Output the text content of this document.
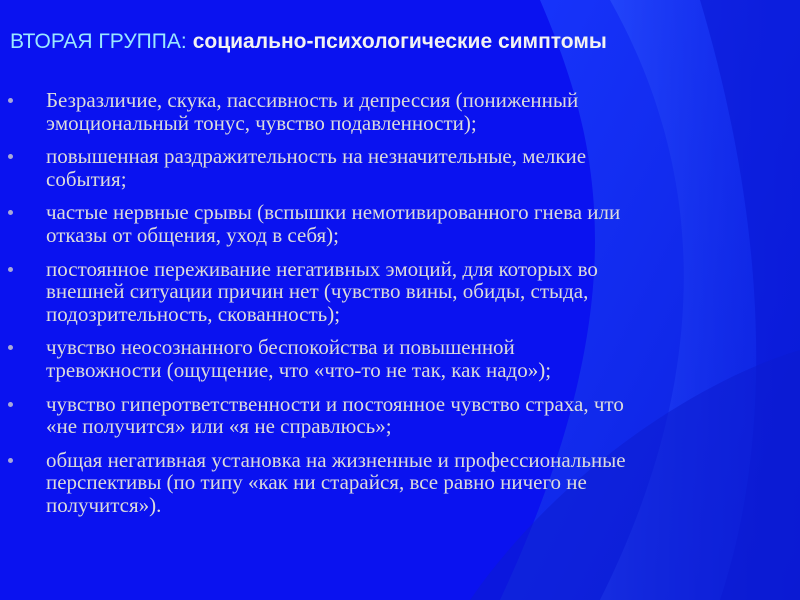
ВТОРАЯ ГРУППА: социально-психологические симптомы
Безразличие, скука, пассивность и депрессия (пониженный
эмоциональный тонус, чувство подавленности);
повышенная раздражительность на незначительные, мелкие
события;
частые нервные срывы (вспышки немотивированного гнева или
отказы от общения, уход в себя);
постоянное переживание негативных эмоций, для которых во
внешней ситуации причин нет (чувство вины, обиды, стыда,
подозрительность, скованность);
чувство неосознанного беспокойства и повышенной
тревожности (ощущение, что «что-то не так, как надо»);
чувство гиперответственности и постоянное чувство страха, что
«не получится» или «я не справлюсь»;
общая негативная установка на жизненные и профессиональные
перспективы (по типу «как ни старайся, все равно ничего не
получится»).
